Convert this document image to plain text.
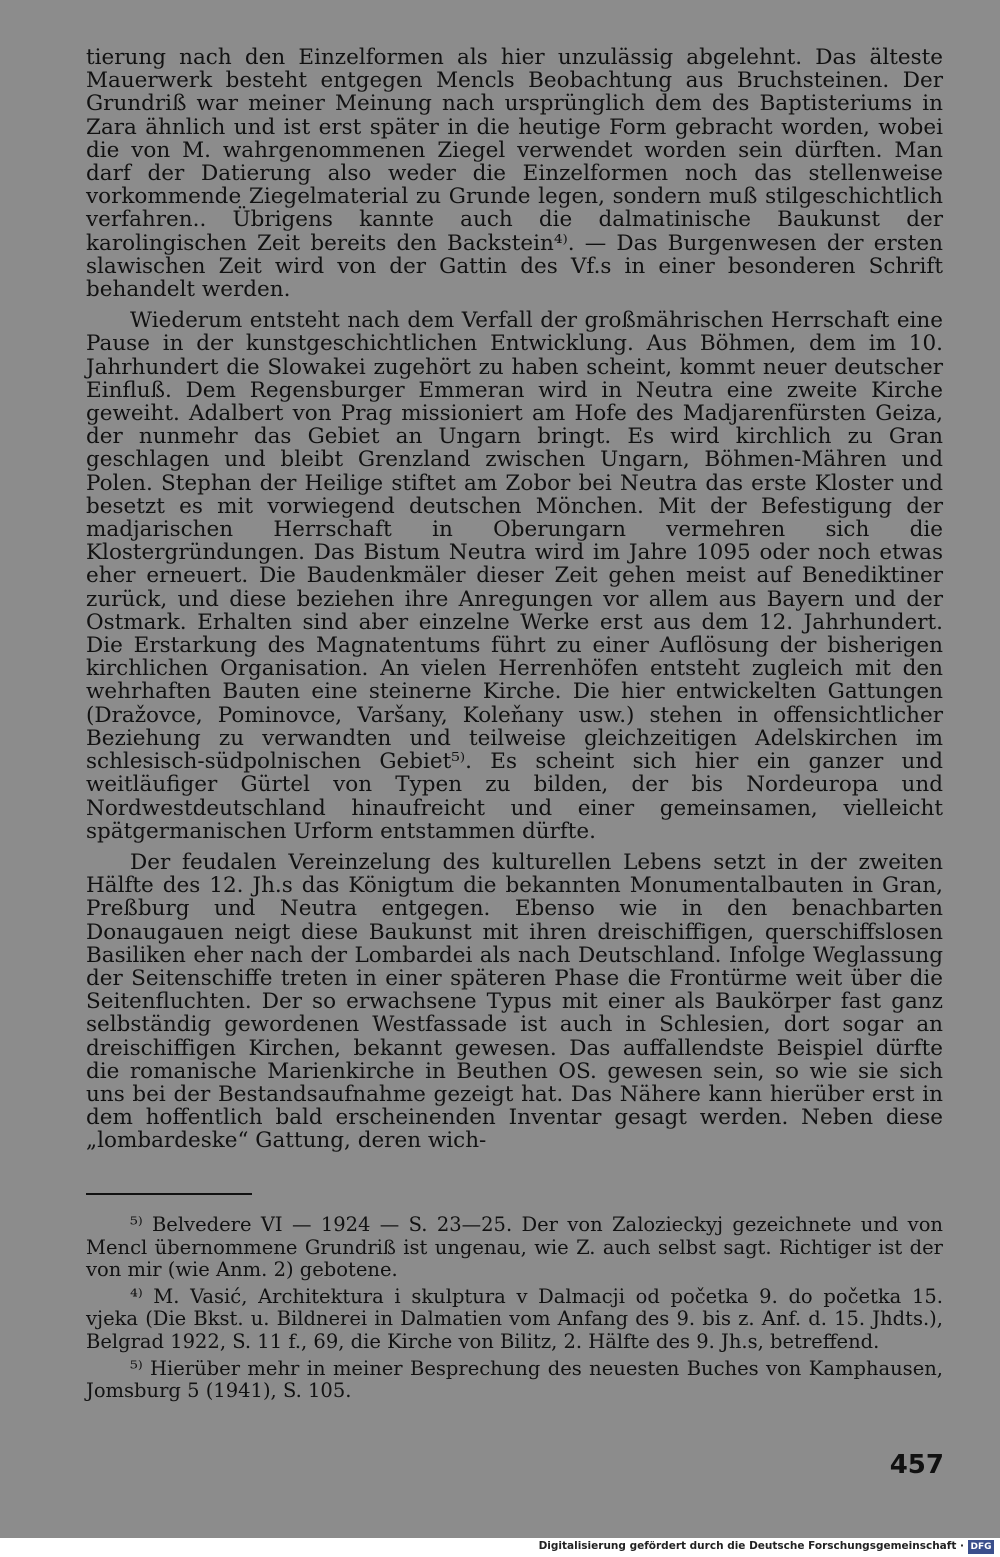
tierung nach den Einzelformen als hier unzulässig abgelehnt. Das älteste Mauerwerk besteht entgegen Mencls Beobachtung aus Bruchsteinen. Der Grundriß war meiner Meinung nach ursprünglich dem des Baptisteriums in Zara ähnlich und ist erst später in die heutige Form gebracht worden, wobei die von M. wahrgenommenen Ziegel verwendet worden sein dürften. Man darf der Datierung also weder die Einzelformen noch das stellenweise vorkommende Ziegelmaterial zu Grunde legen, sondern muß stilgeschichtlich verfahren.. Übrigens kannte auch die dalmatinische Baukunst der karolingischen Zeit bereits den Backstein⁴⁾. — Das Burgenwesen der ersten slawischen Zeit wird von der Gattin des Vf.s in einer besonderen Schrift behandelt werden.

Wiederum entsteht nach dem Verfall der großmährischen Herrschaft eine Pause in der kunstgeschichtlichen Entwicklung. Aus Böhmen, dem im 10. Jahrhundert die Slowakei zugehört zu haben scheint, kommt neuer deutscher Einfluß. Dem Regensburger Emmeran wird in Neutra eine zweite Kirche geweiht. Adalbert von Prag missioniert am Hofe des Madjarenfürsten Geiza, der nunmehr das Gebiet an Ungarn bringt. Es wird kirchlich zu Gran geschlagen und bleibt Grenzland zwischen Ungarn, Böhmen-Mähren und Polen. Stephan der Heilige stiftet am Zobor bei Neutra das erste Kloster und besetzt es mit vorwiegend deutschen Mönchen. Mit der Befestigung der madjarischen Herrschaft in Oberungarn vermehren sich die Klostergründungen. Das Bistum Neutra wird im Jahre 1095 oder noch etwas eher erneuert. Die Baudenkmäler dieser Zeit gehen meist auf Benediktiner zurück, und diese beziehen ihre Anregungen vor allem aus Bayern und der Ostmark. Erhalten sind aber einzelne Werke erst aus dem 12. Jahrhundert. Die Erstarkung des Magnatentums führt zu einer Auflösung der bisherigen kirchlichen Organisation. An vielen Herrenhöfen entsteht zugleich mit den wehrhaften Bauten eine steinerne Kirche. Die hier entwickelten Gattungen (Dražovce, Pominovce, Varšany, Koleňany usw.) stehen in offensichtlicher Beziehung zu verwandten und teilweise gleichzeitigen Adelskirchen im schlesisch-südpolnischen Gebiet⁵⁾. Es scheint sich hier ein ganzer und weitläufiger Gürtel von Typen zu bilden, der bis Nordeuropa und Nordwestdeutschland hinaufreicht und einer gemeinsamen, vielleicht spätgermanischen Urform entstammen dürfte.

Der feudalen Vereinzelung des kulturellen Lebens setzt in der zweiten Hälfte des 12. Jh.s das Königtum die bekannten Monumentalbauten in Gran, Preßburg und Neutra entgegen. Ebenso wie in den benachbarten Donaugauen neigt diese Baukunst mit ihren dreischiffigen, querschiffslosen Basiliken eher nach der Lombardei als nach Deutschland. Infolge Weglassung der Seitenschiffe treten in einer späteren Phase die Frontürme weit über die Seitenfluchten. Der so erwachsene Typus mit einer als Baukörper fast ganz selbständig gewordenen Westfassade ist auch in Schlesien, dort sogar an dreischiffigen Kirchen, bekannt gewesen. Das auffallendste Beispiel dürfte die romanische Marienkirche in Beuthen OS. gewesen sein, so wie sie sich uns bei der Bestandsaufnahme gezeigt hat. Das Nähere kann hierüber erst in dem hoffentlich bald erscheinenden Inventar gesagt werden. Neben diese „lombardeske“ Gattung, deren wich-

⁵⁾ Belvedere VI — 1924 — S. 23—25. Der von Zalozieckyj gezeichnete und von Mencl übernommene Grundriß ist ungenau, wie Z. auch selbst sagt. Richtiger ist der von mir (wie Anm. 2) gebotene.

⁴⁾ M. Vasić, Architektura i skulptura v Dalmacji od početka 9. do početka 15. vjeka (Die Bkst. u. Bildnerei in Dalmatien vom Anfang des 9. bis z. Anf. d. 15. Jhdts.), Belgrad 1922, S. 11 f., 69, die Kirche von Bilitz, 2. Hälfte des 9. Jh.s, betreffend.

⁵⁾ Hierüber mehr in meiner Besprechung des neuesten Buches von Kamphausen, Jomsburg 5 (1941), S. 105.

457
Digitalisierung gefördert durch die Deutsche Forschungsgemeinschaft · DFG
